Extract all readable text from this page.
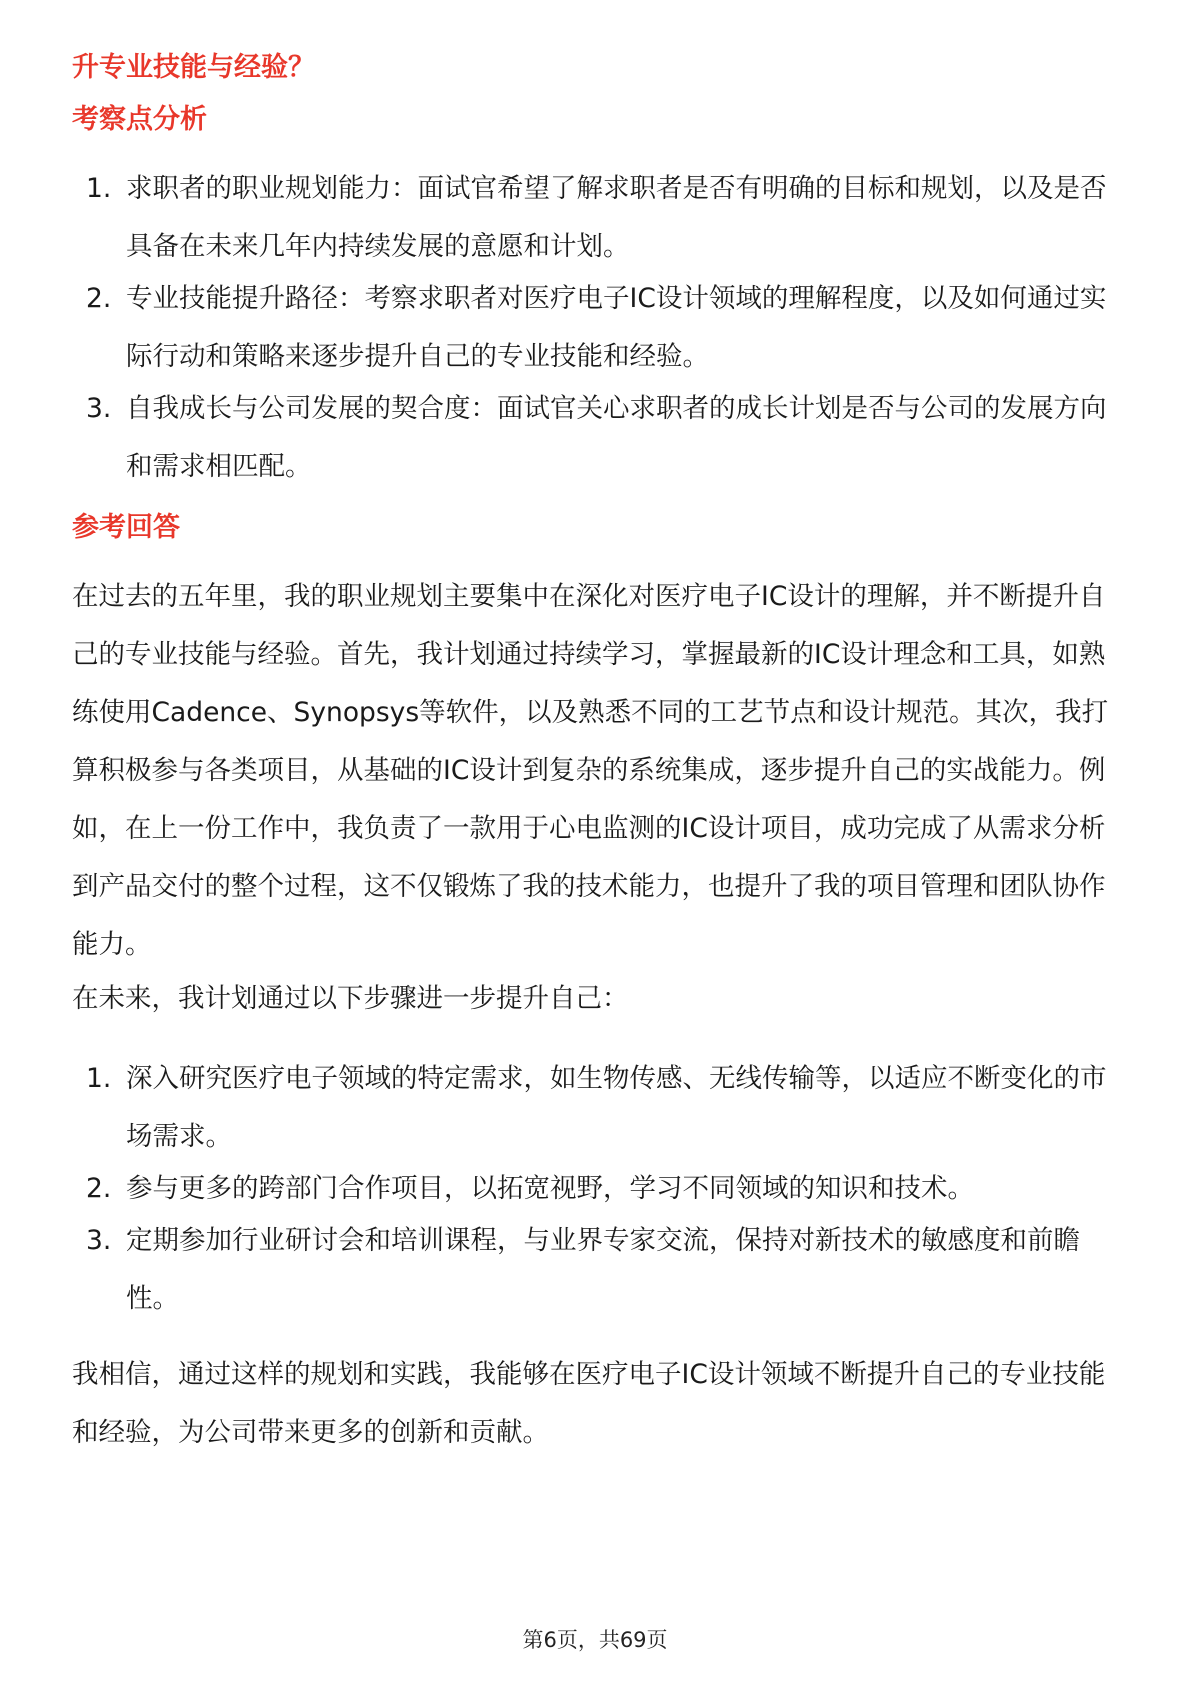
升专业技能与经验？
考察点分析
1. 求职者的职业规划能力：面试官希望了解求职者是否有明确的目标和规划，以及是否具备在未来几年内持续发展的意愿和计划。
2. 专业技能提升路径：考察求职者对医疗电子IC设计领域的理解程度，以及如何通过实际行动和策略来逐步提升自己的专业技能和经验。
3. 自我成长与公司发展的契合度：面试官关心求职者的成长计划是否与公司的发展方向和需求相匹配。
参考回答

在过去的五年里，我的职业规划主要集中在深化对医疗电子IC设计的理解，并不断提升自己的专业技能与经验。首先，我计划通过持续学习，掌握最新的IC设计理念和工具，如熟练使用Cadence、Synopsys等软件，以及熟悉不同的工艺节点和设计规范。其次，我打算积极参与各类项目，从基础的IC设计到复杂的系统集成，逐步提升自己的实战能力。例如，在上一份工作中，我负责了一款用于心电监测的IC设计项目，成功完成了从需求分析到产品交付的整个过程，这不仅锻炼了我的技术能力，也提升了我的项目管理和团队协作能力。

在未来，我计划通过以下步骤进一步提升自己：

1. 深入研究医疗电子领域的特定需求，如生物传感、无线传输等，以适应不断变化的市场需求。
2. 参与更多的跨部门合作项目，以拓宽视野，学习不同领域的知识和技术。
3. 定期参加行业研讨会和培训课程，与业界专家交流，保持对新技术的敏感度和前瞻性。

我相信，通过这样的规划和实践，我能够在医疗电子IC设计领域不断提升自己的专业技能和经验，为公司带来更多的创新和贡献。

第6页，共69页
